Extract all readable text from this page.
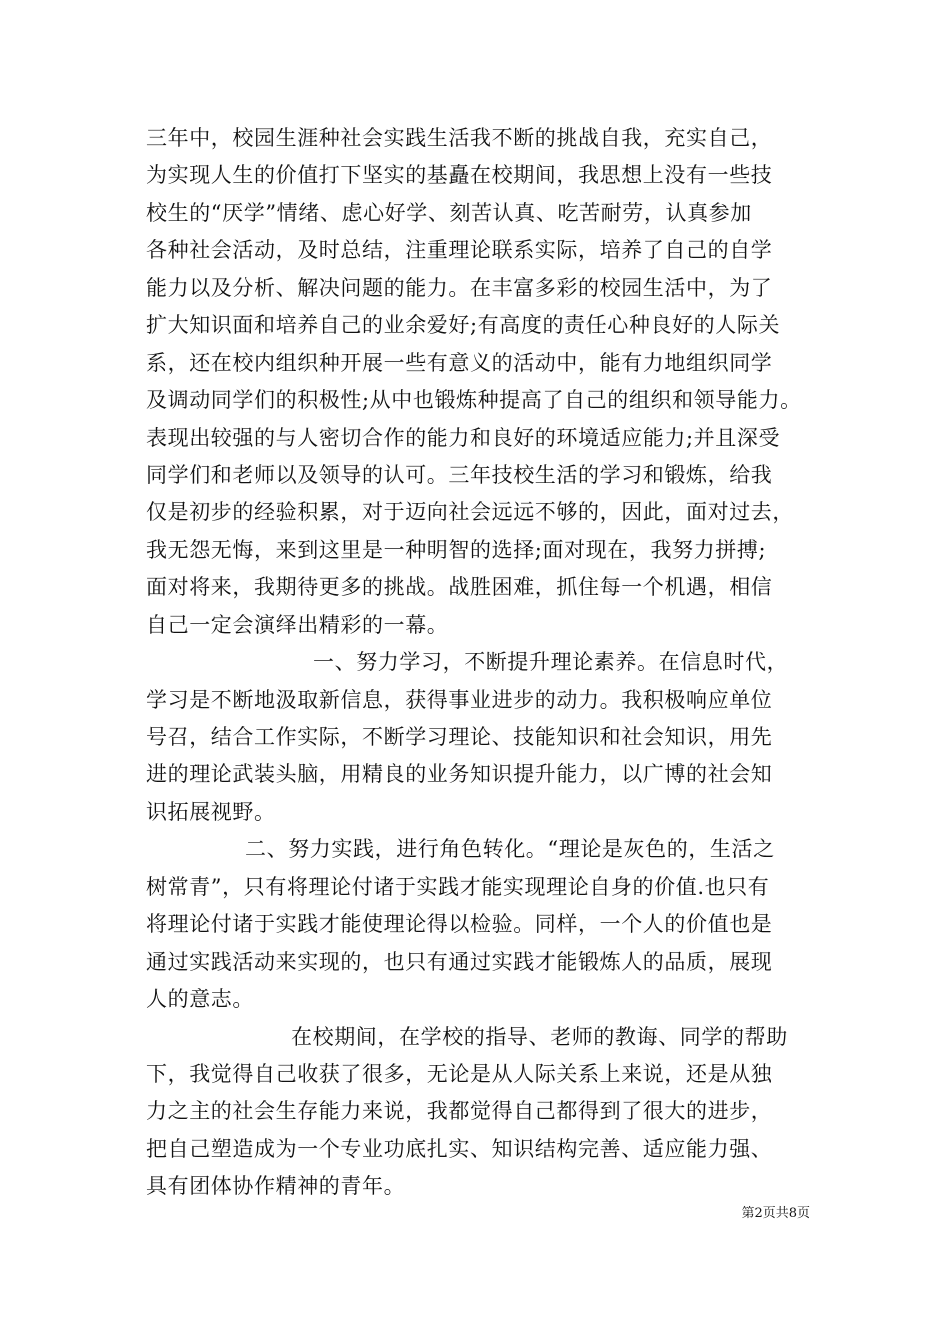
三年中，校园生涯种社会实践生活我不断的挑战自我，充实自己，
为实现人生的价值打下坚实的基矗在校期间，我思想上没有一些技
校生的“厌学”情绪、虑心好学、刻苦认真、吃苦耐劳，认真参加
各种社会活动，及时总结，注重理论联系实际，培养了自己的自学
能力以及分析、解决问题的能力。在丰富多彩的校园生活中，为了
扩大知识面和培养自己的业余爱好;有高度的责任心种良好的人际关
系，还在校内组织种开展一些有意义的活动中，能有力地组织同学
及调动同学们的积极性;从中也锻炼种提高了自己的组织和领导能力。
表现出较强的与人密切合作的能力和良好的环境适应能力;并且深受
同学们和老师以及领导的认可。三年技校生活的学习和锻炼，给我
仅是初步的经验积累，对于迈向社会远远不够的，因此，面对过去，
我无怨无悔，来到这里是一种明智的选择;面对现在，我努力拼搏;
面对将来，我期待更多的挑战。战胜困难，抓住每一个机遇，相信
自己一定会演绎出精彩的一幕。
一、努力学习，不断提升理论素养。在信息时代，
学习是不断地汲取新信息，获得事业进步的动力。我积极响应单位
号召，结合工作实际，不断学习理论、技能知识和社会知识，用先
进的理论武装头脑，用精良的业务知识提升能力，以广博的社会知
识拓展视野。
二、努力实践，进行角色转化。“理论是灰色的，生活之
树常青”，只有将理论付诸于实践才能实现理论自身的价值.也只有
将理论付诸于实践才能使理论得以检验。同样，一个人的价值也是
通过实践活动来实现的，也只有通过实践才能锻炼人的品质，展现
人的意志。
在校期间，在学校的指导、老师的教诲、同学的帮助
下，我觉得自己收获了很多，无论是从人际关系上来说，还是从独
力之主的社会生存能力来说，我都觉得自己都得到了很大的进步，
把自己塑造成为一个专业功底扎实、知识结构完善、适应能力强、
具有团体协作精神的青年。
第2页共8页
